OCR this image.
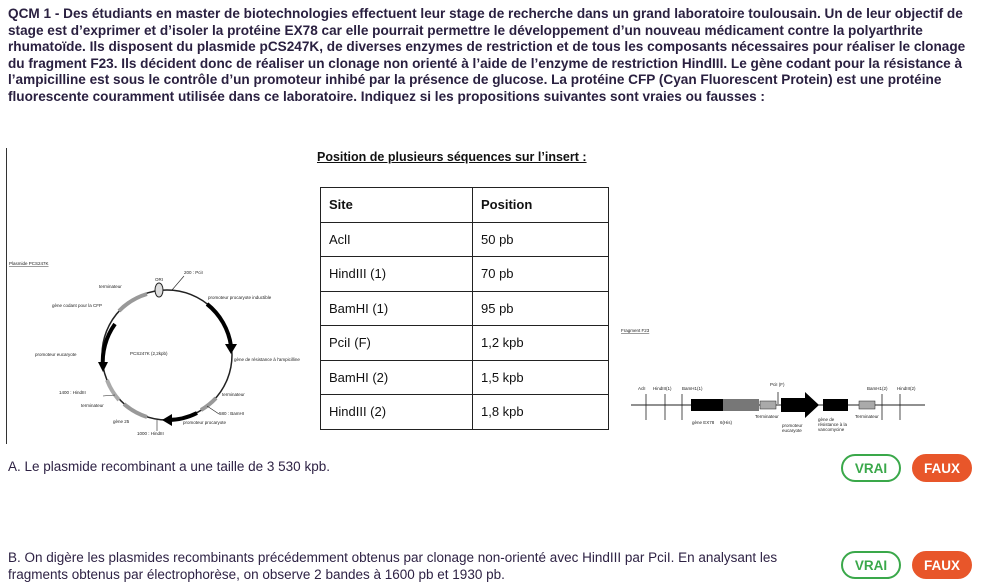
QCM 1 - Des étudiants en master de biotechnologies effectuent leur stage de recherche dans un grand laboratoire toulousain. Un de leur objectif de stage est d’exprimer et d’isoler la protéine EX78 car elle pourrait permettre le développement d’un nouveau médicament contre la polyarthrite rhumatoïde. Ils disposent du plasmide pCS247K, de diverses enzymes de restriction et de tous les composants nécessaires pour réaliser le clonage du fragment F23. Ils décident donc de réaliser un clonage non orienté à l’aide de l’enzyme de restriction HindIII. Le gène codant pour la résistance à l’ampicilline est sous le contrôle d’un promoteur inhibé par la présence de glucose. La protéine CFP (Cyan Fluorescent Protein) est une protéine fluorescente couramment utilisée dans ce laboratoire. Indiquez si les propositions suivantes sont vraies ou fausses :

Plasmide PCS247K
ORI
200 : PciI
terminateur
gène codant pour la CFP
promoteur procaryote inductible
promoteur eucaryote	PCS247K (2,2kpb)
gène de résistance à l'ampicilline
1400 : HindIII	terminateur
terminateur
580 : BamHI
gène 25	promoteur procaryote
1000 : HindIII
Position de plusieurs séquences sur l’insert :
Site	Position
AclI	50 pb
HindIII (1)	70 pb
BamHI (1)	95 pb
PciI (F)	1,2 kpb
BamHI (2)	1,5 kpb
HindIII (2)	1,8 kpb
Fragment F23
AclI HindIII(1) BamH1(1)
PciI (F)
BamH1(2) HindIII(2)
gène EX78 6(His)
Terminateur
promoteur
eucaryote
gène de
résistance à la
vancomycine
Terminateur
A. Le plasmide recombinant a une taille de 3 530 kpb.	VRAI	FAUX
B. On digère les plasmides recombinants précédemment obtenus par clonage non-orienté avec HindIII par PciI. En analysant les fragments obtenus par électrophorèse, on observe 2 bandes à 1600 pb et 1930 pb.
VRAI	FAUX
